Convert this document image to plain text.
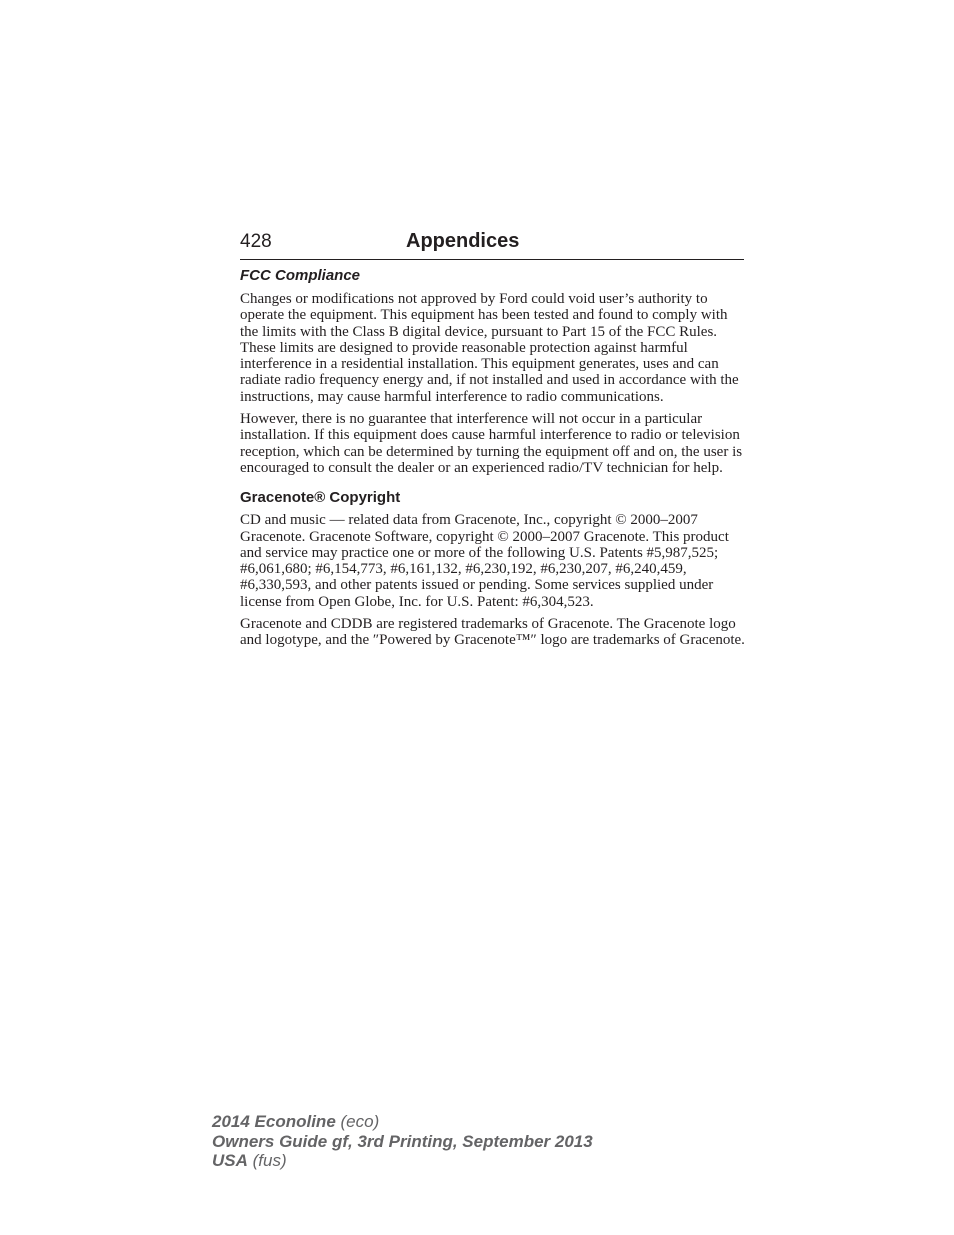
428	Appendices
FCC Compliance

Changes or modifications not approved by Ford could void user’s authority to operate the equipment. This equipment has been tested and found to comply with the limits with the Class B digital device, pursuant to Part 15 of the FCC Rules. These limits are designed to provide reasonable protection against harmful interference in a residential installation. This equipment generates, uses and can radiate radio frequency energy and, if not installed and used in accordance with the instructions, may cause harmful interference to radio communications.

However, there is no guarantee that interference will not occur in a particular installation. If this equipment does cause harmful interference to radio or television reception, which can be determined by turning the equipment off and on, the user is encouraged to consult the dealer or an experienced radio/TV technician for help.

Gracenote® Copyright

CD and music — related data from Gracenote, Inc., copyright © 2000–2007 Gracenote. Gracenote Software, copyright © 2000–2007 Gracenote. This product and service may practice one or more of the following U.S. Patents #5,987,525; #6,061,680; #6,154,773, #6,161,132, #6,230,192, #6,230,207, #6,240,459, #6,330,593, and other patents issued or pending. Some services supplied under license from Open Globe, Inc. for U.S. Patent: #6,304,523.

Gracenote and CDDB are registered trademarks of Gracenote. The Gracenote logo and logotype, and the ″Powered by Gracenote™″ logo are trademarks of Gracenote.

2014 Econoline (eco)
Owners Guide gf, 3rd Printing, September 2013
USA (fus)
